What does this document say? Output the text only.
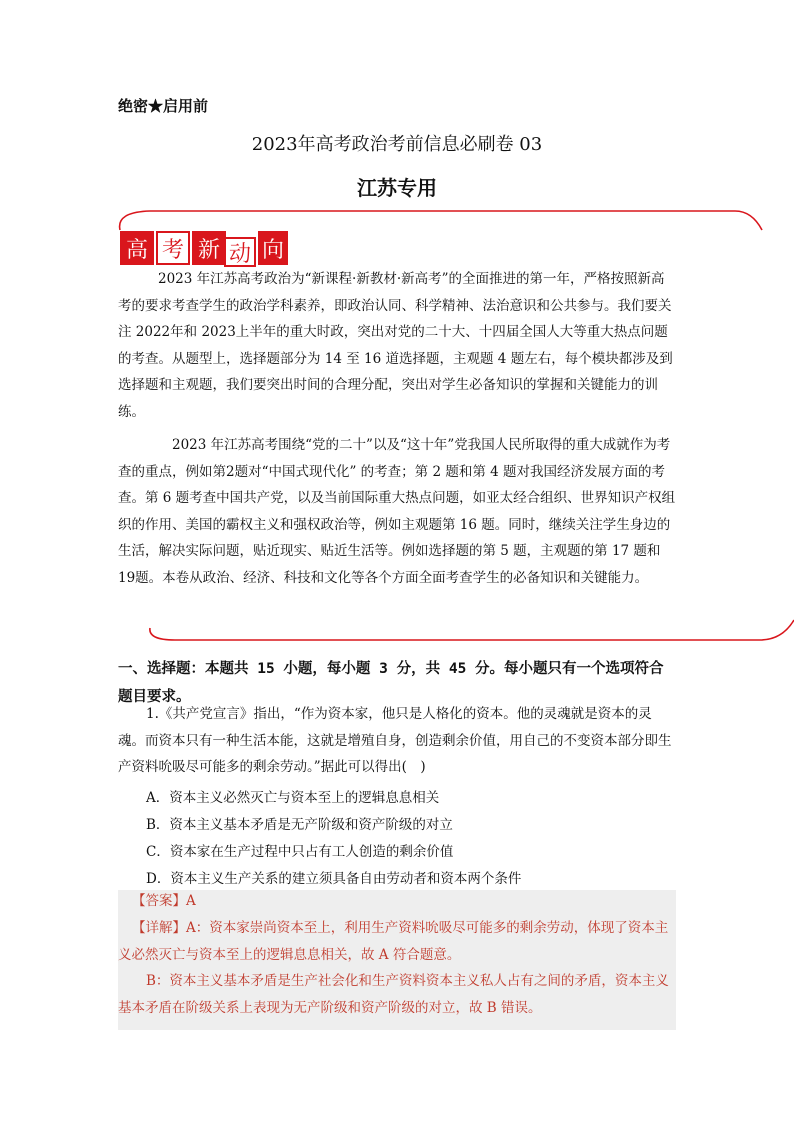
绝密★启用前
2023年高考政治考前信息必刷卷 03
江苏专用
高 考 新 动 向

2023 年江苏高考政治为“新课程·新教材·新高考”的全面推进的第一年，严格按照新高考的要求考查学生的政治学科素养，即政治认同、科学精神、法治意识和公共参与。我们要关注 2022年和 2023上半年的重大时政，突出对党的二十大、十四届全国人大等重大热点问题的考查。从题型上，选择题部分为 14 至 16 道选择题，主观题 4 题左右，每个模块都涉及到选择题和主观题，我们要突出时间的合理分配，突出对学生必备知识的掌握和关键能力的训练。

2023 年江苏高考围绕“党的二十”以及“这十年”党我国人民所取得的重大成就作为考查的重点，例如第2题对“中国式现代化” 的考查；第 2 题和第 4 题对我国经济发展方面的考查。第 6 题考查中国共产党，以及当前国际重大热点问题，如亚太经合组织、世界知识产权组织的作用、美国的霸权主义和强权政治等，例如主观题第 16 题。同时，继续关注学生身边的生活，解决实际问题，贴近现实、贴近生活等。例如选择题的第 5 题，主观题的第 17 题和 19题。本卷从政治、经济、科技和文化等各个方面全面考查学生的必备知识和关键能力。

一、选择题：本题共 15 小题，每小题 3 分，共 45 分。每小题只有一个选项符合题目要求。

1.《共产党宣言》指出，“作为资本家，他只是人格化的资本。他的灵魂就是资本的灵魂。而资本只有一种生活本能，这就是增殖自身，创造剩余价值，用自己的不变资本部分即生产资料吮吸尽可能多的剩余劳动。”据此可以得出(　)

A．资本主义必然灭亡与资本至上的逻辑息息相关
B．资本主义基本矛盾是无产阶级和资产阶级的对立
C．资本家在生产过程中只占有工人创造的剩余价值
D．资本主义生产关系的建立须具备自由劳动者和资本两个条件

【答案】A

【详解】A：资本家崇尚资本至上，利用生产资料吮吸尽可能多的剩余劳动，体现了资本主义必然灭亡与资本至上的逻辑息息相关，故 A 符合题意。

B：资本主义基本矛盾是生产社会化和生产资料资本主义私人占有之间的矛盾，资本主义基本矛盾在阶级关系上表现为无产阶级和资产阶级的对立，故 B 错误。
